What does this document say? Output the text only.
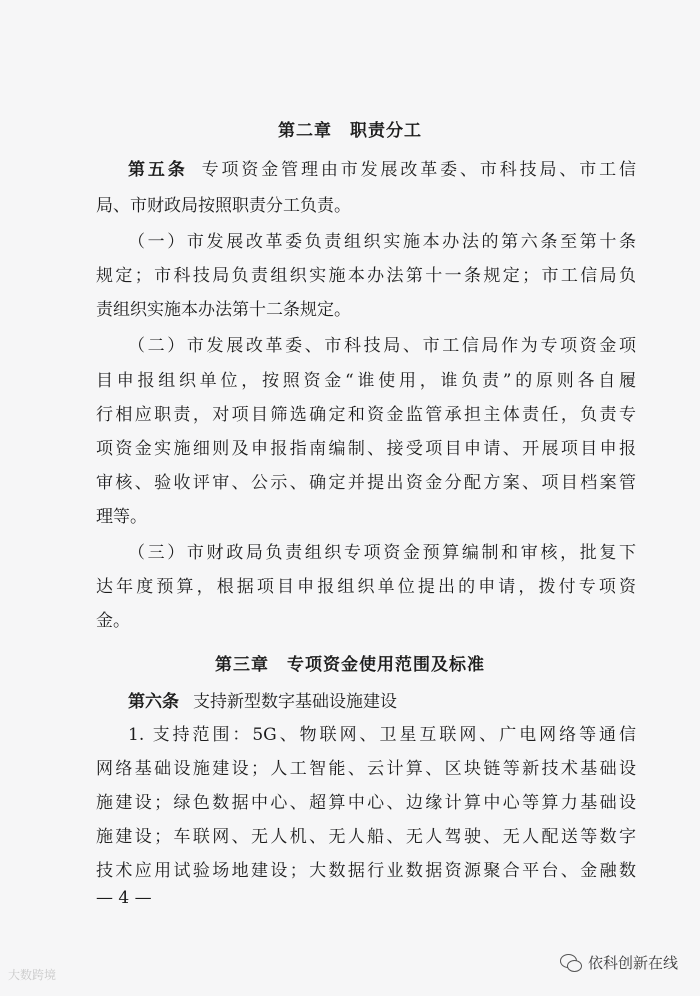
第二章　职责分工
第五条 专项资金管理由市发展改革委、市科技局、市工信
局、市财政局按照职责分工负责。
（一）市发展改革委负责组织实施本办法的第六条至第十条
规定；市科技局负责组织实施本办法第十一条规定；市工信局负
责组织实施本办法第十二条规定。
（二）市发展改革委、市科技局、市工信局作为专项资金项
目申报组织单位，按照资金“谁使用，谁负责”的原则各自履
行相应职责，对项目筛选确定和资金监管承担主体责任，负责专
项资金实施细则及申报指南编制、接受项目申请、开展项目申报
审核、验收评审、公示、确定并提出资金分配方案、项目档案管
理等。
（三）市财政局负责组织专项资金预算编制和审核，批复下
达年度预算，根据项目申报组织单位提出的申请，拨付专项资
金。
第三章　专项资金使用范围及标准
第六条 支持新型数字基础设施建设
1. 支持范围：5G、物联网、卫星互联网、广电网络等通信
网络基础设施建设；人工智能、云计算、区块链等新技术基础设
施建设；绿色数据中心、超算中心、边缘计算中心等算力基础设
施建设；车联网、无人机、无人船、无人驾驶、无人配送等数字
技术应用试验场地建设；大数据行业数据资源聚合平台、金融数
— 4 —
大数跨境
依科创新在线
